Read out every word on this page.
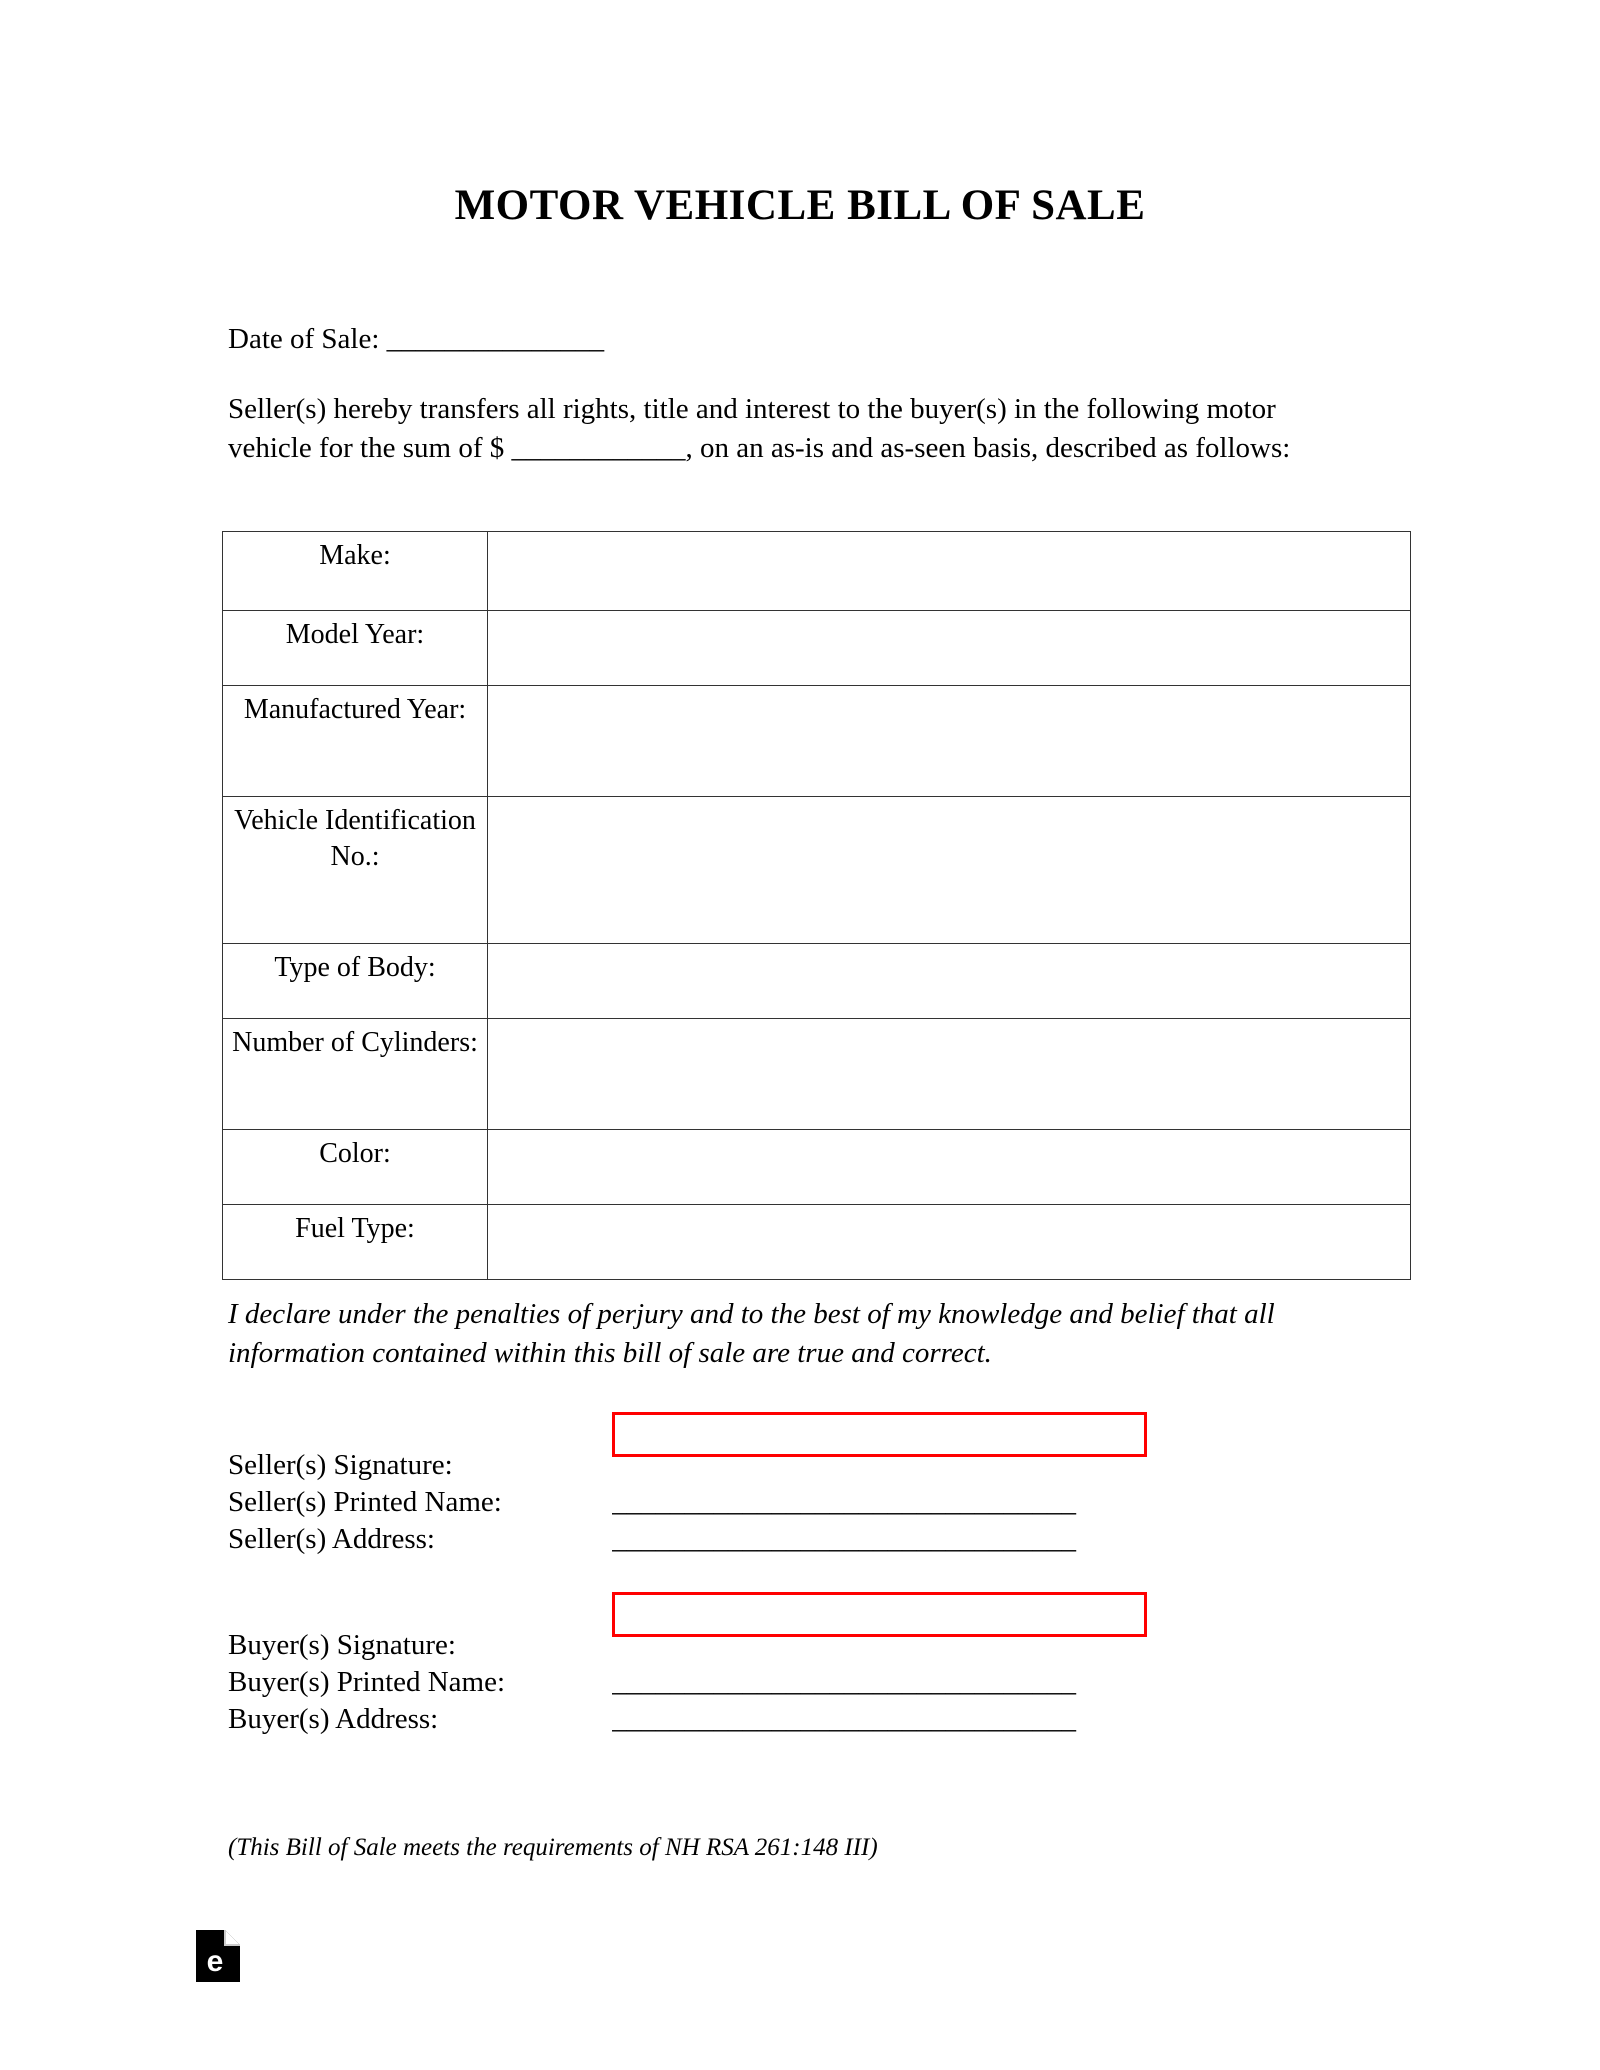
MOTOR VEHICLE BILL OF SALE
Date of Sale: _______________
Seller(s) hereby transfers all rights, title and interest to the buyer(s) in the following motor vehicle for the sum of $ ____________, on an as-is and as-seen basis, described as follows:
Make:	
Model Year:	
Manufactured Year:	
Vehicle Identification No.:	
Type of Body:	
Number of Cylinders:	
Color:	
Fuel Type:	
I declare under the penalties of perjury and to the best of my knowledge and belief that all information contained within this bill of sale are true and correct.
Seller(s) Signature:
Seller(s) Printed Name:	________________________________
Seller(s) Address:	________________________________
Buyer(s) Signature:
Buyer(s) Printed Name:	________________________________
Buyer(s) Address:	________________________________
(This Bill of Sale meets the requirements of NH RSA 261:148 III)
e
